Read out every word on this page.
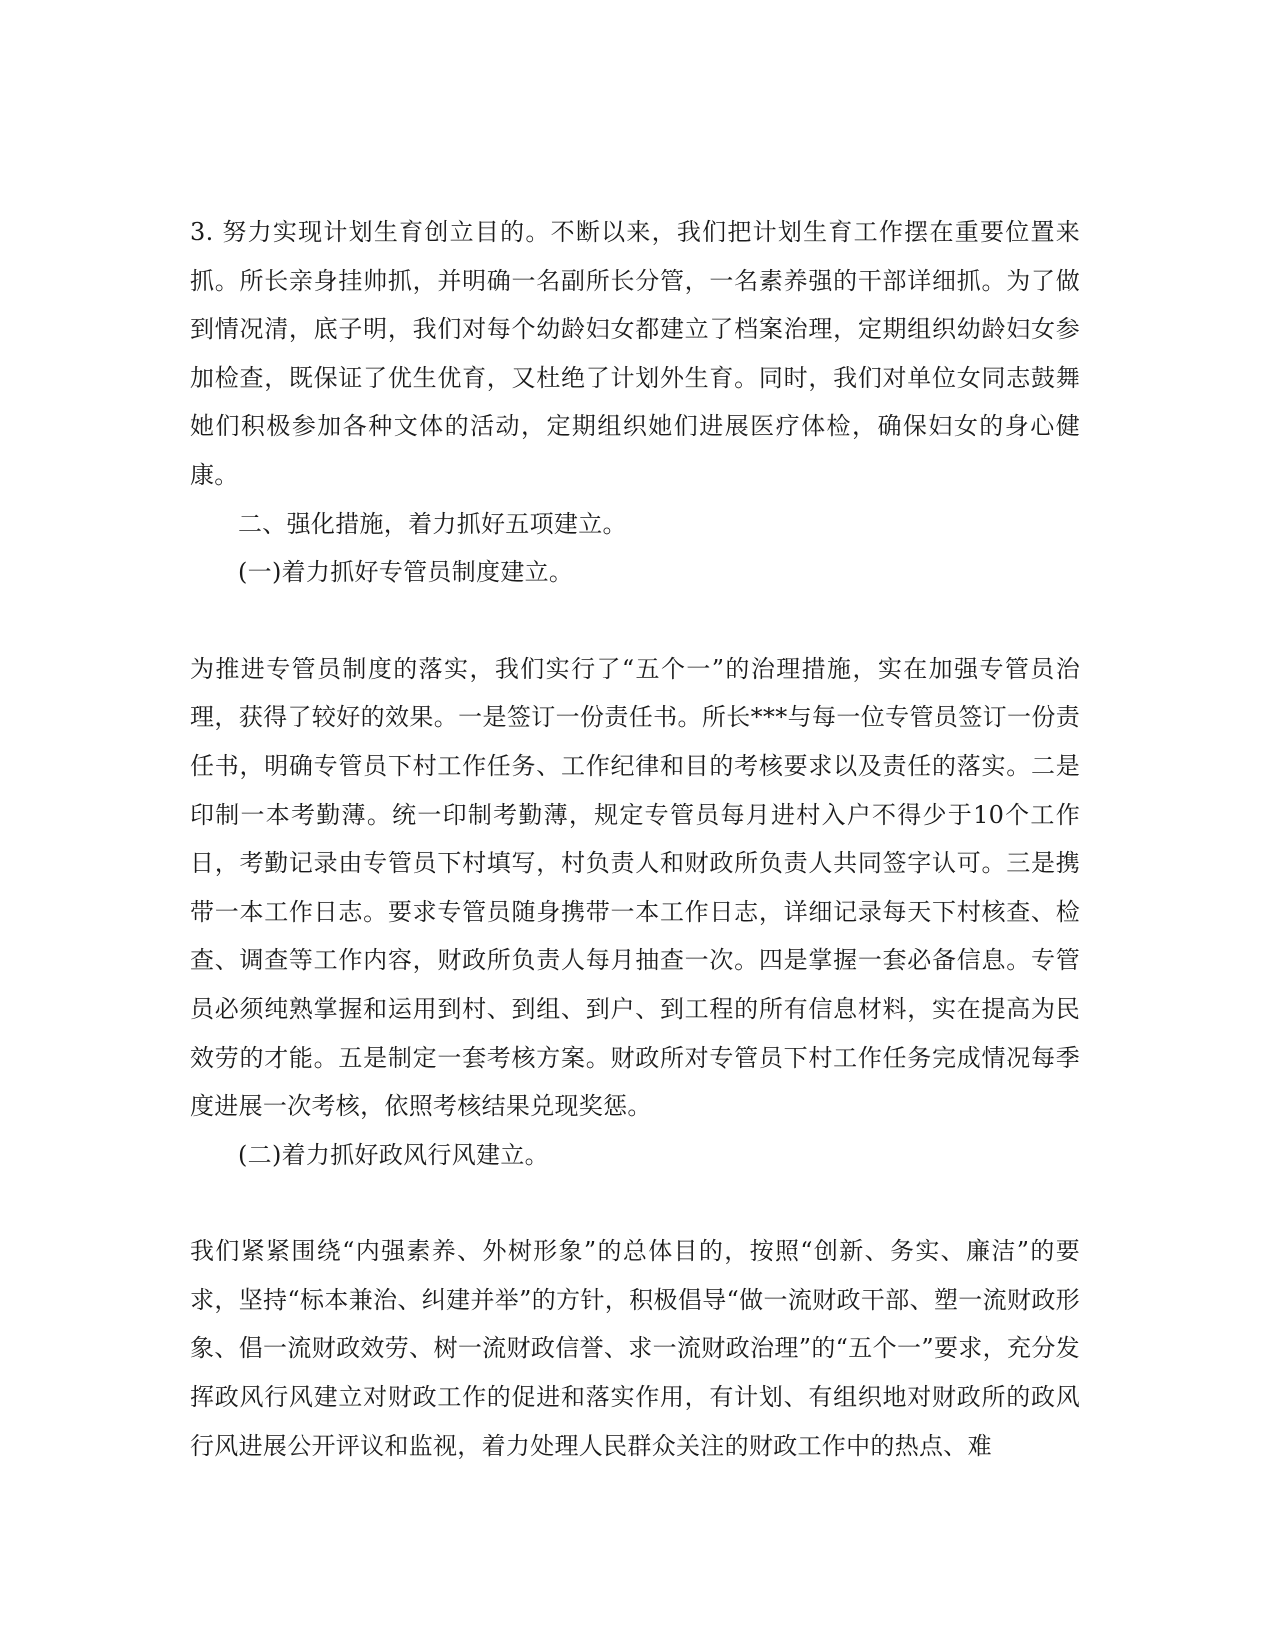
3. 努力实现计划生育创立目的。不断以来，我们把计划生育工作摆在重要位置来抓。所长亲身挂帅抓，并明确一名副所长分管，一名素养强的干部详细抓。为了做到情况清，底子明，我们对每个幼龄妇女都建立了档案治理，定期组织幼龄妇女参加检查，既保证了优生优育，又杜绝了计划外生育。同时，我们对单位女同志鼓舞她们积极参加各种文体的活动，定期组织她们进展医疗体检，确保妇女的身心健康。

二、强化措施，着力抓好五项建立。

(一)着力抓好专管员制度建立。

为推进专管员制度的落实，我们实行了“五个一”的治理措施，实在加强专管员治理，获得了较好的效果。一是签订一份责任书。所长***与每一位专管员签订一份责任书，明确专管员下村工作任务、工作纪律和目的考核要求以及责任的落实。二是印制一本考勤薄。统一印制考勤薄，规定专管员每月进村入户不得少于10个工作日，考勤记录由专管员下村填写，村负责人和财政所负责人共同签字认可。三是携带一本工作日志。要求专管员随身携带一本工作日志，详细记录每天下村核查、检查、调查等工作内容，财政所负责人每月抽查一次。四是掌握一套必备信息。专管员必须纯熟掌握和运用到村、到组、到户、到工程的所有信息材料，实在提高为民效劳的才能。五是制定一套考核方案。财政所对专管员下村工作任务完成情况每季度进展一次考核，依照考核结果兑现奖惩。

(二)着力抓好政风行风建立。

我们紧紧围绕“内强素养、外树形象”的总体目的，按照“创新、务实、廉洁”的要求，坚持“标本兼治、纠建并举”的方针，积极倡导“做一流财政干部、塑一流财政形象、倡一流财政效劳、树一流财政信誉、求一流财政治理”的“五个一”要求，充分发挥政风行风建立对财政工作的促进和落实作用，有计划、有组织地对财政所的政风行风进展公开评议和监视，着力处理人民群众关注的财政工作中的热点、难
